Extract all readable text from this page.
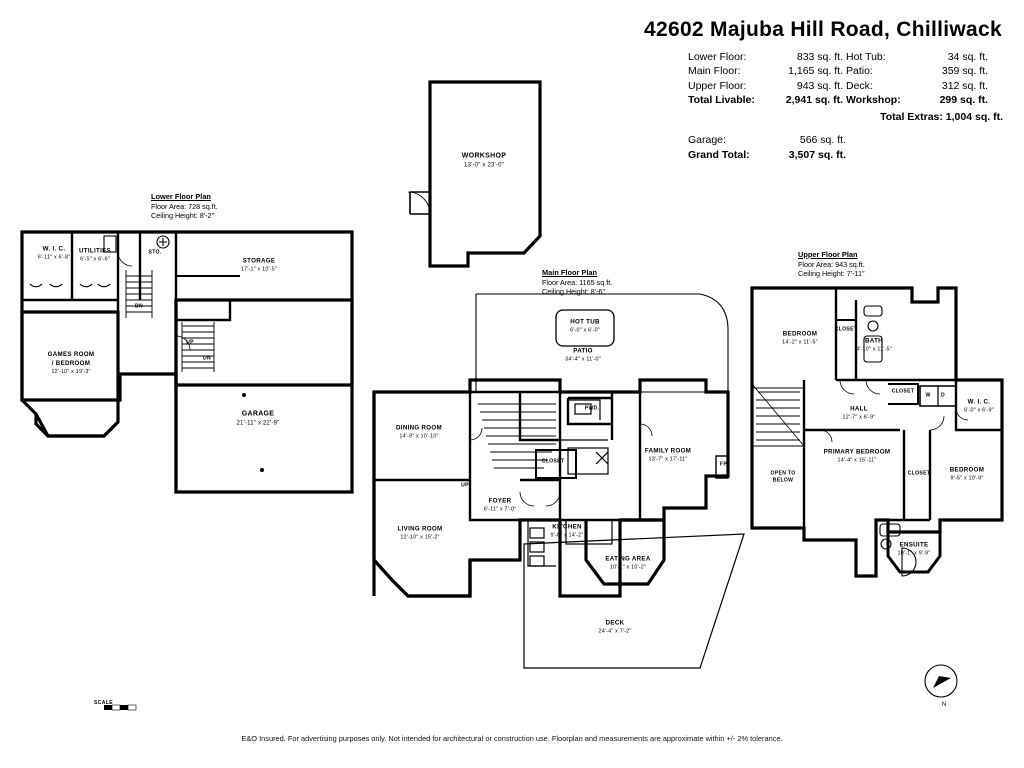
42602 Majuba Hill Road, Chilliwack
Lower Floor:	833 sq. ft. Hot Tub:	34 sq. ft.
Main Floor:	1,165 sq. ft. Patio:	359 sq. ft.
Upper Floor:	943 sq. ft. Deck:	312 sq. ft.
Total Livable:	2,941 sq. ft. Workshop:	299 sq. ft.
Total Extras: 1,004 sq. ft.
Garage:	566 sq. ft.
Grand Total:	3,507 sq. ft.
Lower Floor Plan
Floor Area: 728 sq.ft.
Ceiling Height: 8'-2"
Main Floor Plan
Floor Area: 1165 sq.ft.
Ceiling Height: 8'-6"
Upper Floor Plan
Floor Area: 943 sq.ft.
Ceiling Height: 7'-11"
WORKSHOP
13'-0" x 23'-0"
W. I. C.
6'-11" x 6'-8"
UTILITIES
6'-5" x 6'-6"
STO.
STORAGE
17'-1" x 10'-5"
GAMES ROOM
/ BEDROOM
12'-10" x 19'-3"
GARAGE
21'-11" x 22'-9"
HOT TUB
6'-0" x 6'-0"
PATIO
34'-4" x 11'-0"
DINING ROOM
14'-9" x 10'-10"
PWD.
CLOSET
FAMILY ROOM
13'-7" x 17'-11"
FP.
FOYER
6'-11" x 7'-0"
KITCHEN
9'-6" x 14'-2"
LIVING ROOM
12'-10" x 15'-2"
EATING AREA
10'-1" x 10'-2"
DECK
24'-4" x 7'-2"
BEDROOM
14'-2" x 11'-5"
CLOSET
BATH
4'-10" x 11'-5"
CLOSET
W D
W. I. C.
6'-0" x 6'-9"
HALL
12'-7" x 6'-9"
OPEN TO
BELOW
PRIMARY BEDROOM
14'-4" x 15'-11"
CLOSET	BEDROOM
9'-5" x 10'-9"
ENSUITE
10'-1" x 9'-9"
DN
UP
DN
UP
SCALE	N
E&O Insured. For advertising purposes only. Not intended for architectural or construction use. Floorplan and measurements are approximate within +/- 2% tolerance.
